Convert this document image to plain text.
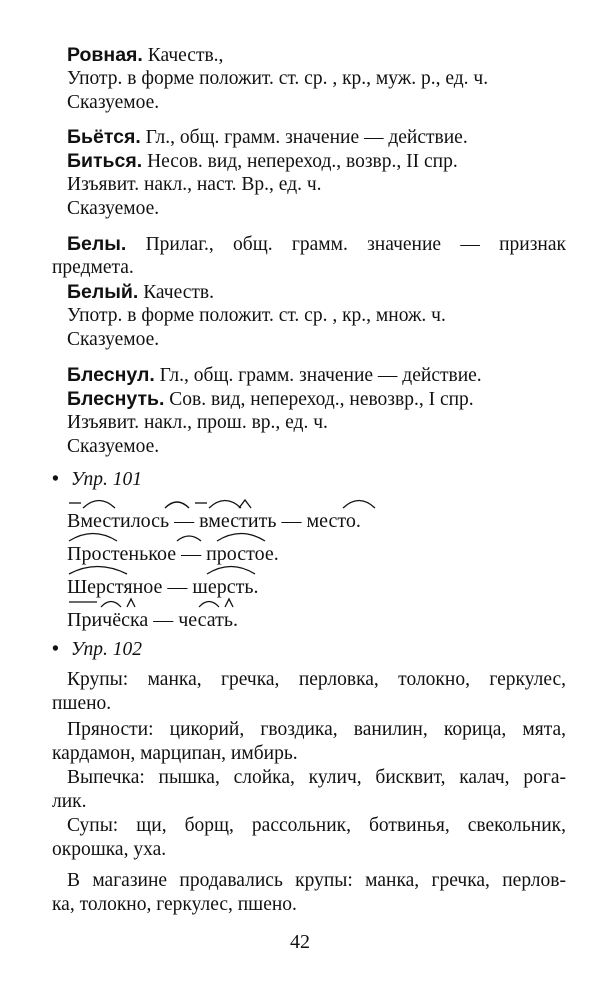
Ровная. Качеств.,
Употр. в форме положит. ст. ср. , кр., муж. р., ед. ч.
Сказуемое.
Бьётся. Гл., общ. грамм. значение — действие.
Биться. Несов. вид, непереход., возвр., II спр.
Изъявит. накл., наст. Вр., ед. ч.
Сказуемое.
Белы. Прилаг., общ. грамм. значение — признак
предмета.
Белый. Качеств.
Употр. в форме положит. ст. ср. , кр., множ. ч.
Сказуемое.
Блеснул. Гл., общ. грамм. значение — действие.
Блеснуть. Сов. вид, непереход., невозвр., I спр.
Изъявит. накл., прош. вр., ед. ч.
Сказуемое.
• Упр. 101
Вместилось — вместить — место.
Простенькое — простое.
Шерстяное — шерсть.
Причёска — чесать.
• Упр. 102
Крупы: манка, гречка, перловка, толокно, геркулес,
пшено.
Пряности: цикорий, гвоздика, ванилин, корица, мята,
кардамон, марципан, имбирь.
Выпечка: пышка, слойка, кулич, бисквит, калач, рога-
лик.
Супы: щи, борщ, рассольник, ботвинья, свекольник,
окрошка, уха.
В магазине продавались крупы: манка, гречка, перлов-
ка, толокно, геркулес, пшено.
42
